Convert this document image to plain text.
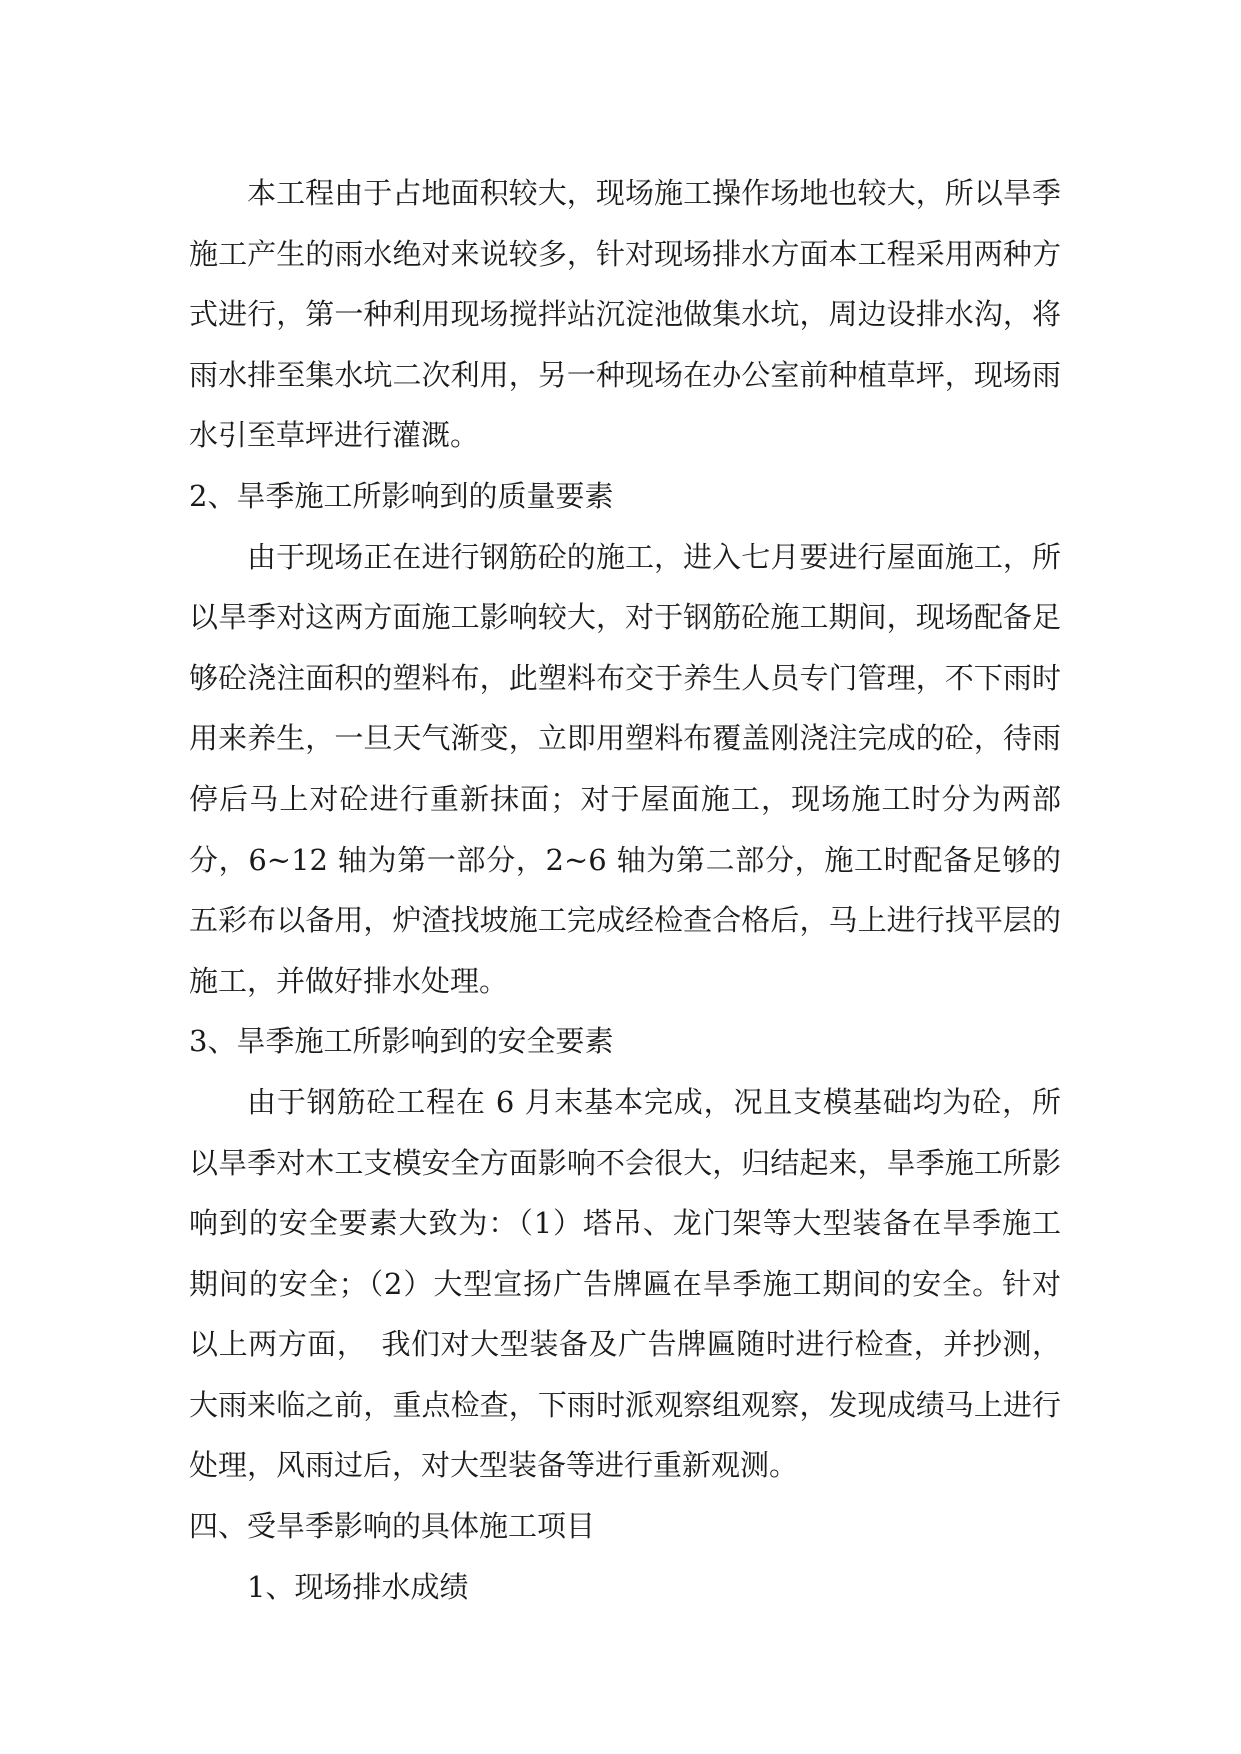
本工程由于占地面积较大，现场施工操作场地也较大，所以旱季施工产生的雨水绝对来说较多，针对现场排水方面本工程采用两种方式进行，第一种利用现场搅拌站沉淀池做集水坑，周边设排水沟，将雨水排至集水坑二次利用，另一种现场在办公室前种植草坪，现场雨水引至草坪进行灌溉。

2、旱季施工所影响到的质量要素

由于现场正在进行钢筋砼的施工，进入七月要进行屋面施工，所以旱季对这两方面施工影响较大，对于钢筋砼施工期间，现场配备足够砼浇注面积的塑料布，此塑料布交于养生人员专门管理，不下雨时用来养生，一旦天气渐变，立即用塑料布覆盖刚浇注完成的砼，待雨停后马上对砼进行重新抹面；对于屋面施工，现场施工时分为两部分，6~12 轴为第一部分，2~6 轴为第二部分，施工时配备足够的五彩布以备用，炉渣找坡施工完成经检查合格后，马上进行找平层的施工，并做好排水处理。

3、旱季施工所影响到的安全要素

由于钢筋砼工程在 6 月末基本完成，况且支模基础均为砼，所以旱季对木工支模安全方面影响不会很大，归结起来，旱季施工所影响到的安全要素大致为：（1）塔吊、龙门架等大型装备在旱季施工期间的安全；（2）大型宣扬广告牌匾在旱季施工期间的安全。针对以上两方面，　我们对大型装备及广告牌匾随时进行检查，并抄测，大雨来临之前，重点检查，下雨时派观察组观察，发现成绩马上进行处理，风雨过后，对大型装备等进行重新观测。

四、受旱季影响的具体施工项目

1、现场排水成绩
